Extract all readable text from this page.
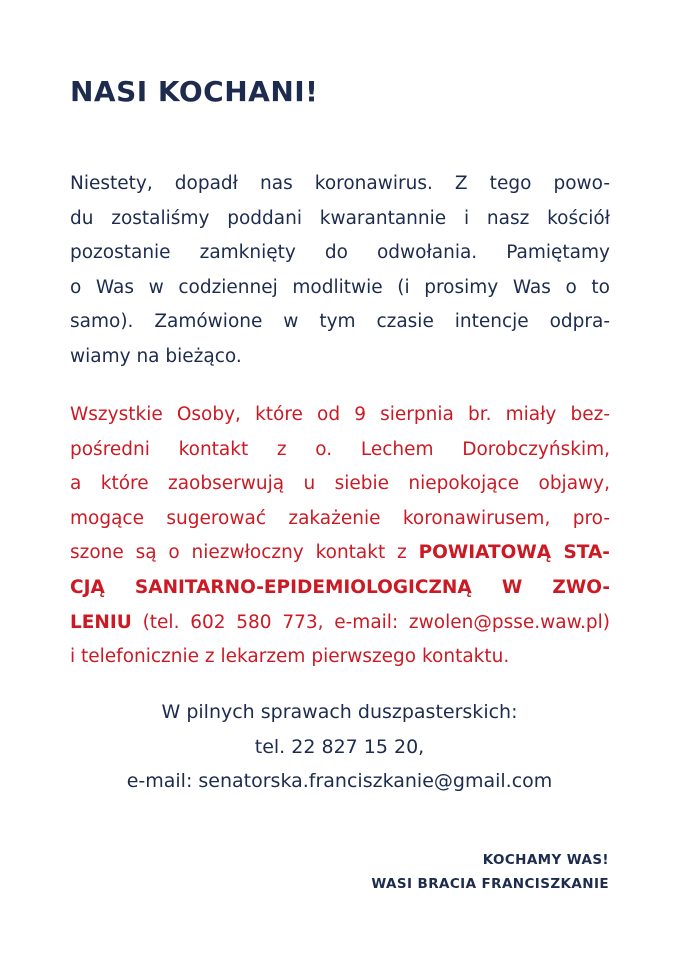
NASI KOCHANI!
Niestety, dopadł nas koronawirus. Z tego powo-
du zostaliśmy poddani kwarantannie i nasz kościół
pozostanie zamknięty do odwołania. Pamiętamy
o Was w codziennej modlitwie (i prosimy Was o to
samo). Zamówione w tym czasie intencje odpra-
wiamy na bieżąco.
Wszystkie Osoby, które od 9 sierpnia br. miały bez-
pośredni kontakt z o. Lechem Dorobczyńskim,
a które zaobserwują u siebie niepokojące objawy,
mogące sugerować zakażenie koronawirusem, pro-
szone są o niezwłoczny kontakt z POWIATOWĄ STA-
CJĄ SANITARNO-EPIDEMIOLOGICZNĄ W ZWO-
LENIU (tel. 602 580 773, e-mail: zwolen@psse.waw.pl)
i telefonicznie z lekarzem pierwszego kontaktu.
W pilnych sprawach duszpasterskich:
tel. 22 827 15 20,
e-mail: senatorska.franciszkanie@gmail.com
KOCHAMY WAS!
WASI BRACIA FRANCISZKANIE
